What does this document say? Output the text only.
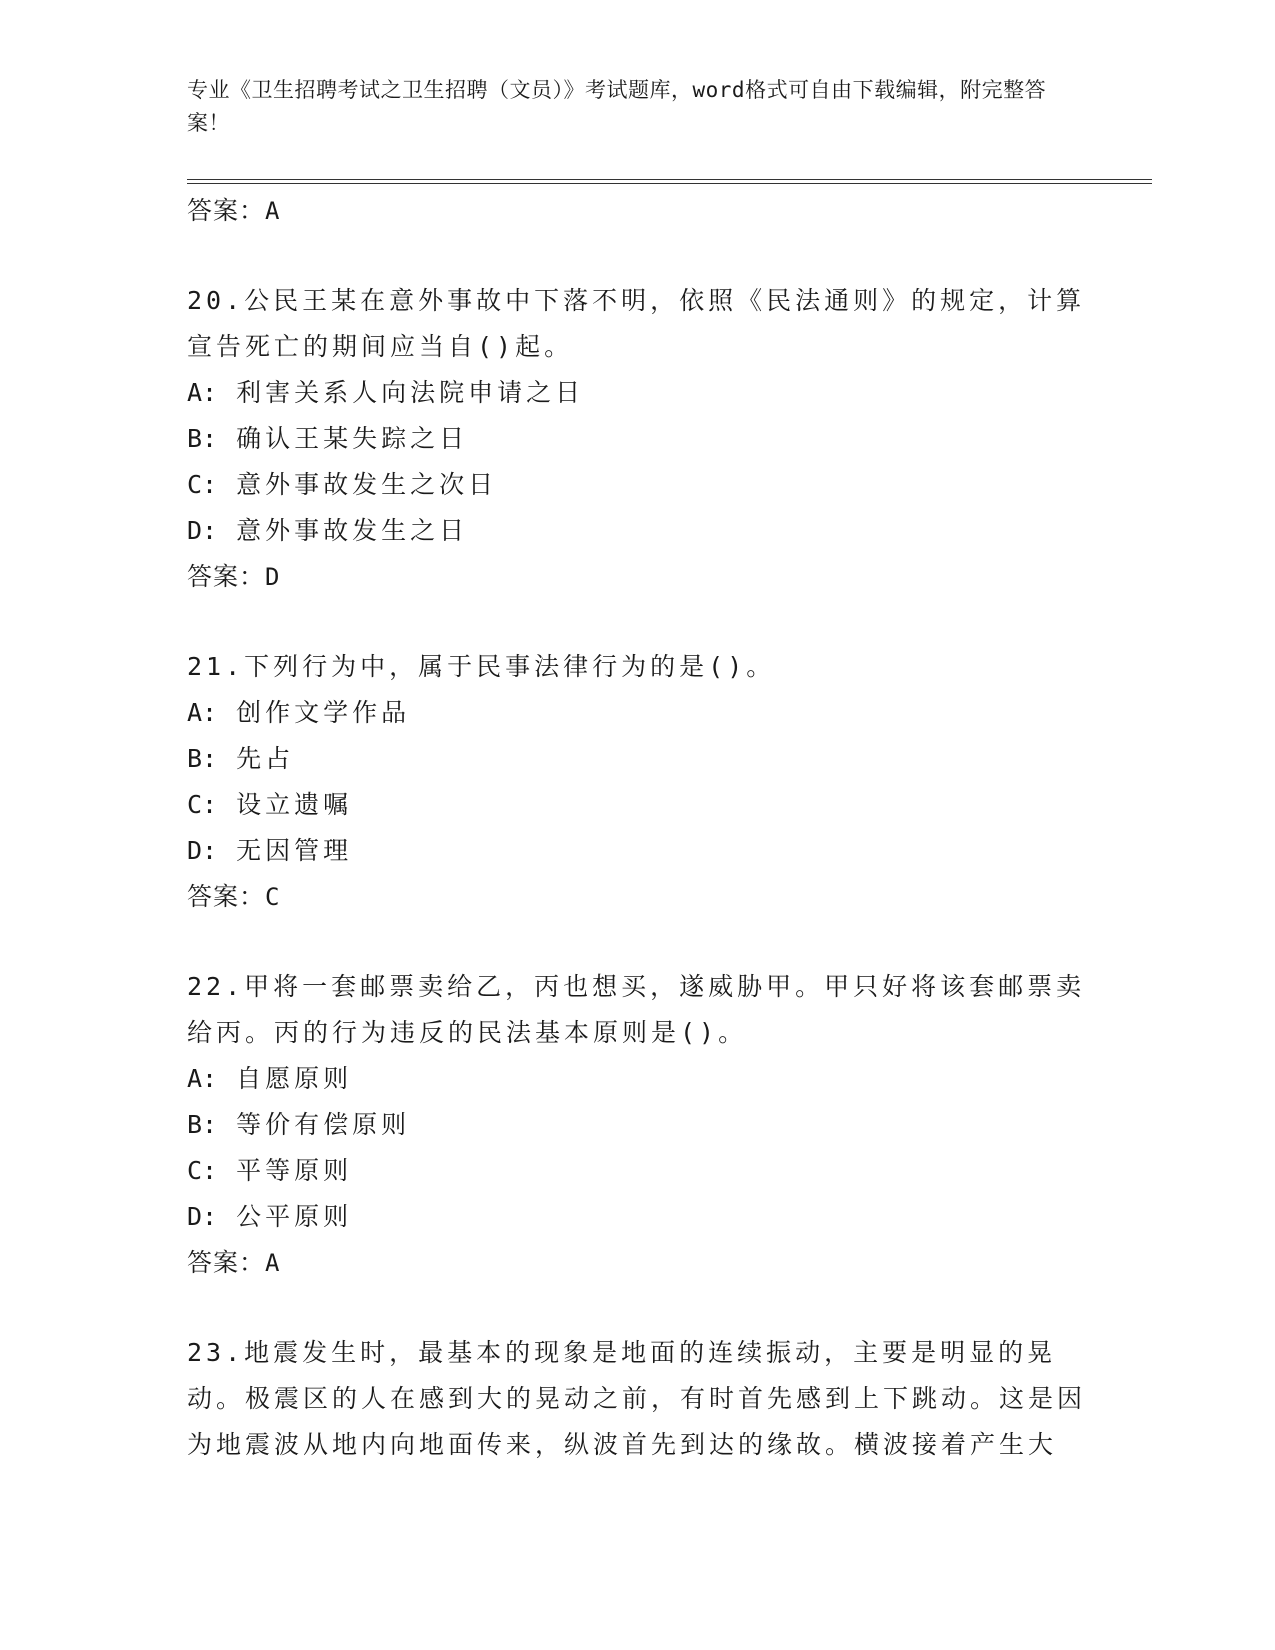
专业《卫生招聘考试之卫生招聘（文员）》考试题库，word格式可自由下载编辑，附完整答案！
答案：A
20.公民王某在意外事故中下落不明，依照《民法通则》的规定，计算宣告死亡的期间应当自()起。
A: 利害关系人向法院申请之日
B: 确认王某失踪之日
C: 意外事故发生之次日
D: 意外事故发生之日
答案：D
21.下列行为中，属于民事法律行为的是()。
A: 创作文学作品
B: 先占
C: 设立遗嘱
D: 无因管理
答案：C
22.甲将一套邮票卖给乙，丙也想买，遂威胁甲。甲只好将该套邮票卖给丙。丙的行为违反的民法基本原则是()。
A: 自愿原则
B: 等价有偿原则
C: 平等原则
D: 公平原则
答案：A
23.地震发生时，最基本的现象是地面的连续振动，主要是明显的晃动。极震区的人在感到大的晃动之前，有时首先感到上下跳动。这是因为地震波从地内向地面传来，纵波首先到达的缘故。横波接着产生大
